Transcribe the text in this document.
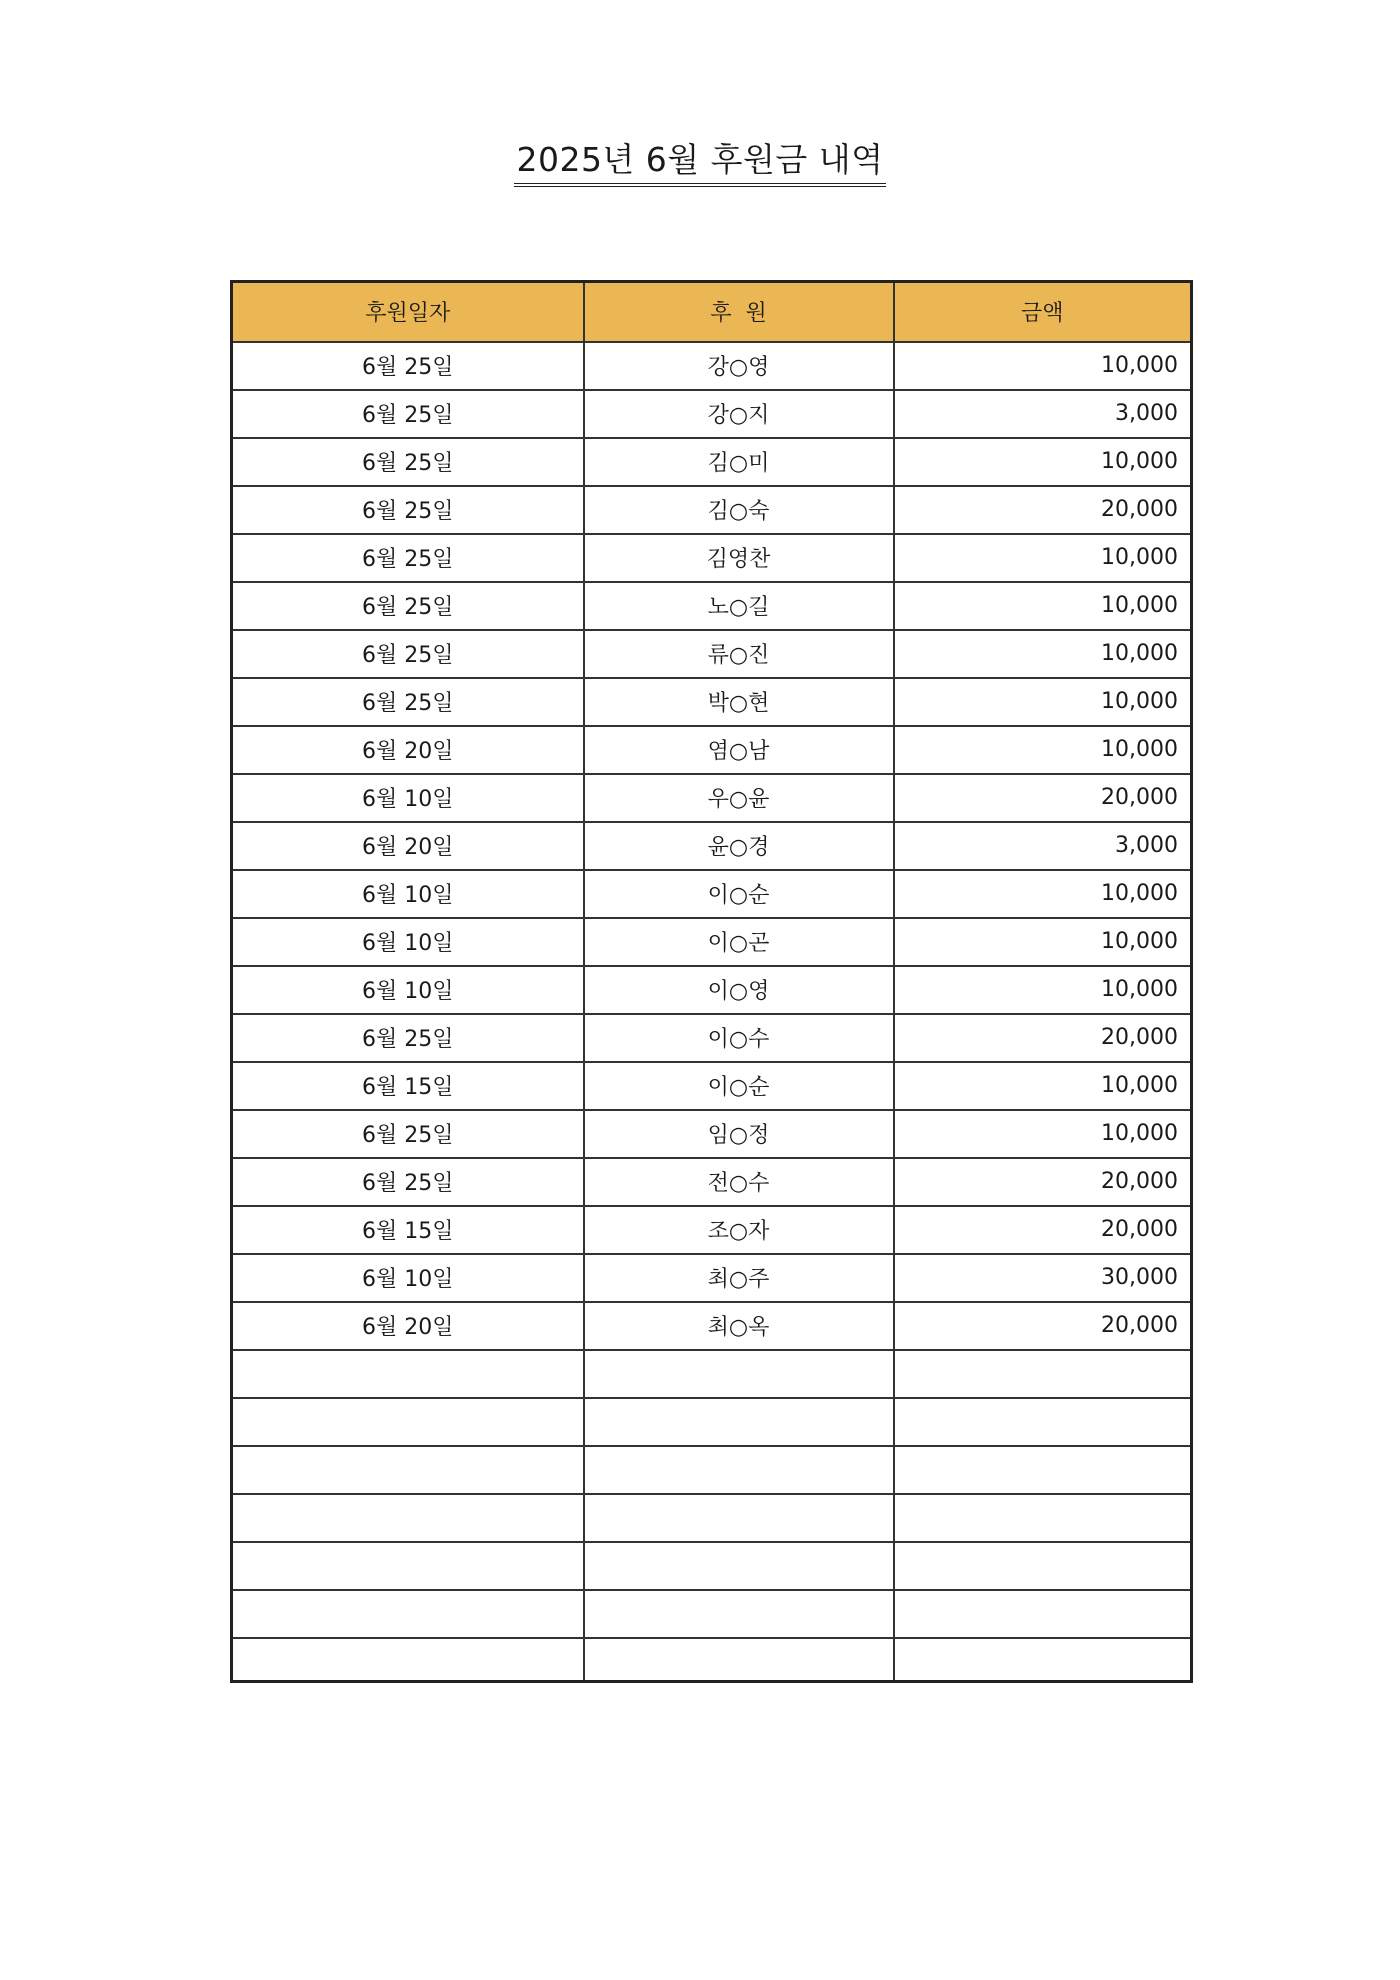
2025년 6월 후원금 내역
후원일자	후  원	금액
6월 25일	강○영	10,000
6월 25일	강○지	3,000
6월 25일	김○미	10,000
6월 25일	김○숙	20,000
6월 25일	김영찬	10,000
6월 25일	노○길	10,000
6월 25일	류○진	10,000
6월 25일	박○현	10,000
6월 20일	염○남	10,000
6월 10일	우○윤	20,000
6월 20일	윤○경	3,000
6월 10일	이○순	10,000
6월 10일	이○곤	10,000
6월 10일	이○영	10,000
6월 25일	이○수	20,000
6월 15일	이○순	10,000
6월 25일	임○정	10,000
6월 25일	전○수	20,000
6월 15일	조○자	20,000
6월 10일	최○주	30,000
6월 20일	최○옥	20,000
